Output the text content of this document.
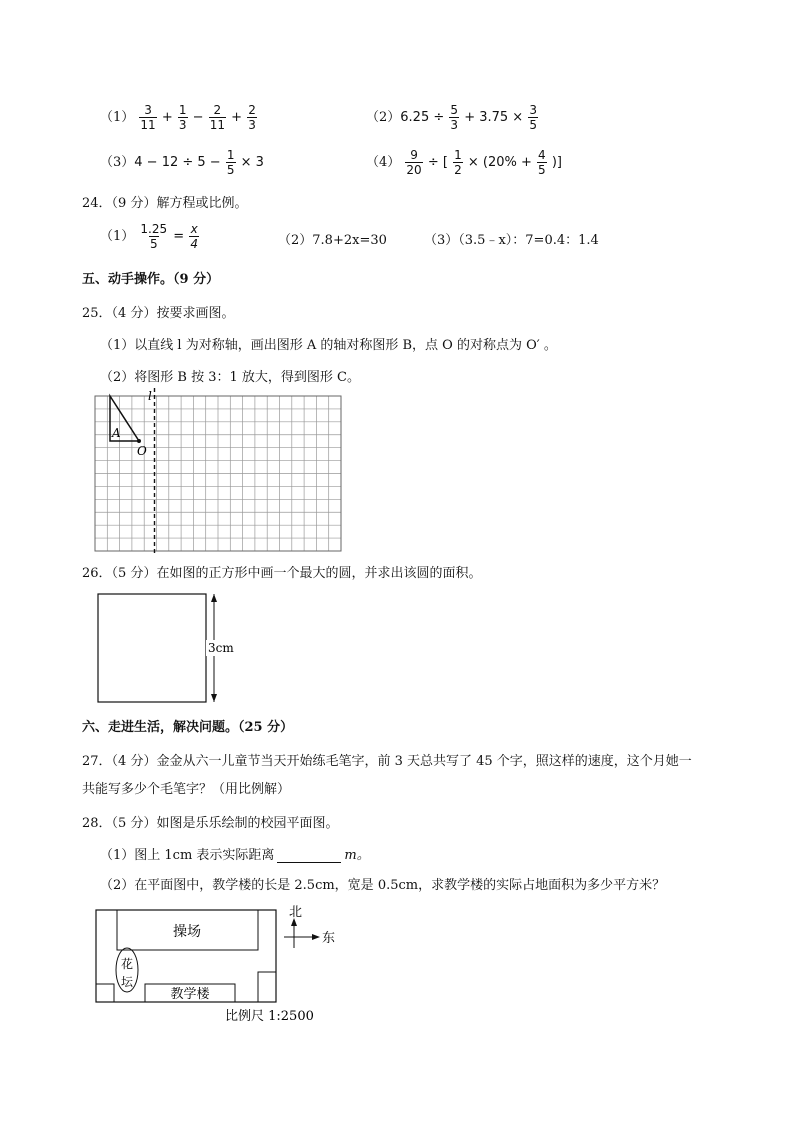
$(1) \frac{3}{11} + \frac{1}{3} - \frac{2}{11} + \frac{2}{3}$	$(2)6.25 \div \frac{5}{3} + 3.75 \times \frac{3}{5}$
$(3)4 - 12 \div 5 - \frac{1}{5} \times 3$	$(4) \frac{9}{20}$ ÷ [ $\frac{1}{2} \times (20\% + \frac{4}{5}$ )]
24．（9 分）解方程或比例。
$(1) \frac{1.25}{5} = \frac{x}{4}$	（2）7.8+2x=30	（3）（3.5﹣x）：7=0.4：1.4
五、动手操作。（9 分）
25．（4 分）按要求画图。
（1）以直线 l 为对称轴，画出图形 A 的轴对称图形 B，点 O 的对称点为 O′ 。
（2）将图形 B 按 3：1 放大，得到图形 C。
l
A
O
26．（5 分）在如图的正方形中画一个最大的圆，并求出该圆的面积。
3cm
六、走进生活，解决问题。（25 分）
27．（4 分）金金从六一儿童节当天开始练毛笔字，前 3 天总共写了 45 个字，照这样的速度，这个月她一
共能写多少个毛笔字？（用比例解）
28．（5 分）如图是乐乐绘制的校园平面图。
（1）图上 1cm 表示实际距离	m。
（2）在平面图中，教学楼的长是 2.5cm，宽是 0.5cm，求教学楼的实际占地面积为多少平方米？
操场
花
坛
教学楼
北
东
比例尺 1:2500
